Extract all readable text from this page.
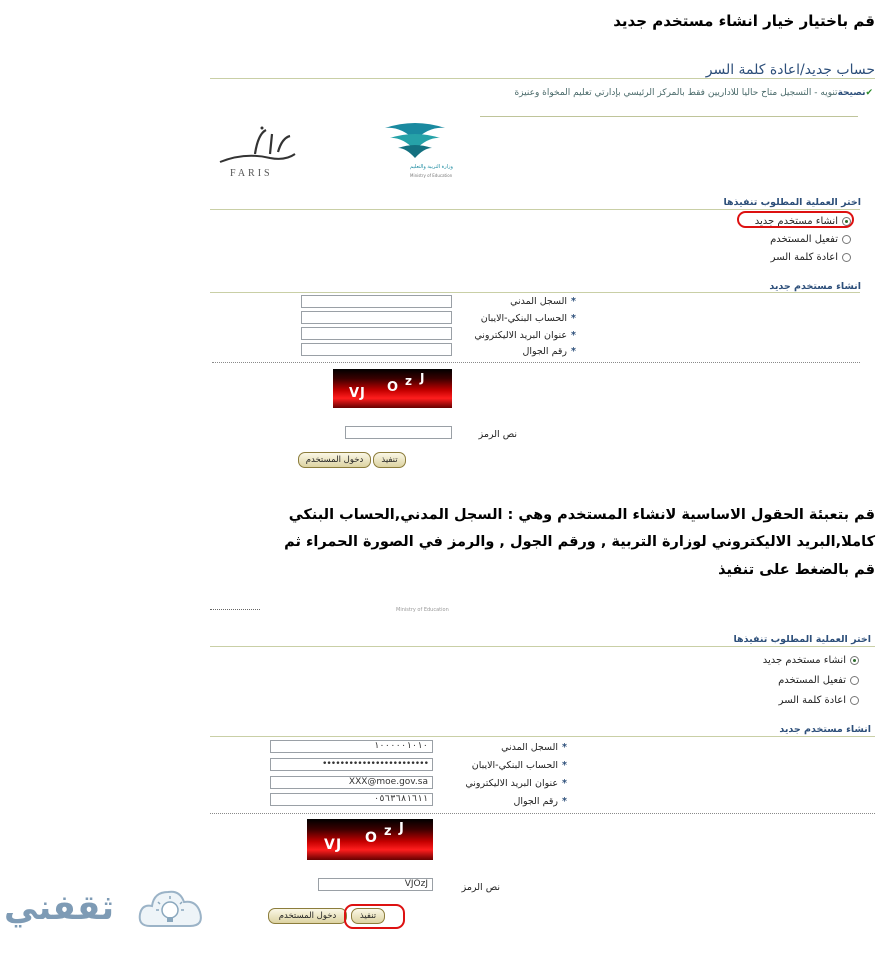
قم باختيار خيار انشاء مستخدم جديد
حساب جديد/اعادة كلمة السر
✔نصيحةتنويه - التسجيل متاح حاليا للاداريين فقط بالمركز الرئيسي بإدارتي تعليم المخواة وعنيزة
FARIS
وزارة التربية والتعليم
Ministry of Education
اختر العملية المطلوب تنفيذها
انشاء مستخدم جديد
تفعيل المستخدم
اعادة كلمة السر
انشاء مستخدم جديد
*السجل المدني
*الحساب البنكي-الايبان
*عنوان البريد الاليكتروني
*رقم الجوال
V J O z J
نص الرمز
تنفيذ
دخول المستخدم
قم بتعبئة الحقول الاساسية لانشاء المستخدم وهي : السجل المدني,الحساب البنكي
كاملا,البريد الاليكتروني لوزارة التربية , ورقم الجول , والرمز في الصورة الحمراء ثم
قم بالضغط على تنفيذ
Ministry of Education
اختر العملية المطلوب تنفيذها
انشاء مستخدم جديد
تفعيل المستخدم
اعادة كلمة السر
انشاء مستخدم جديد
*السجل المدني
١٠٠٠٠٠١٠١٠
*الحساب البنكي-الايبان
••••••••••••••••••••••••
*عنوان البريد الاليكتروني
XXX@moe.gov.sa
*رقم الجوال
٠٥٦٣٦٨١٦١١
V J O z J
نص الرمز
VJOzJ
تنفيذ
دخول المستخدم
ثقفني
